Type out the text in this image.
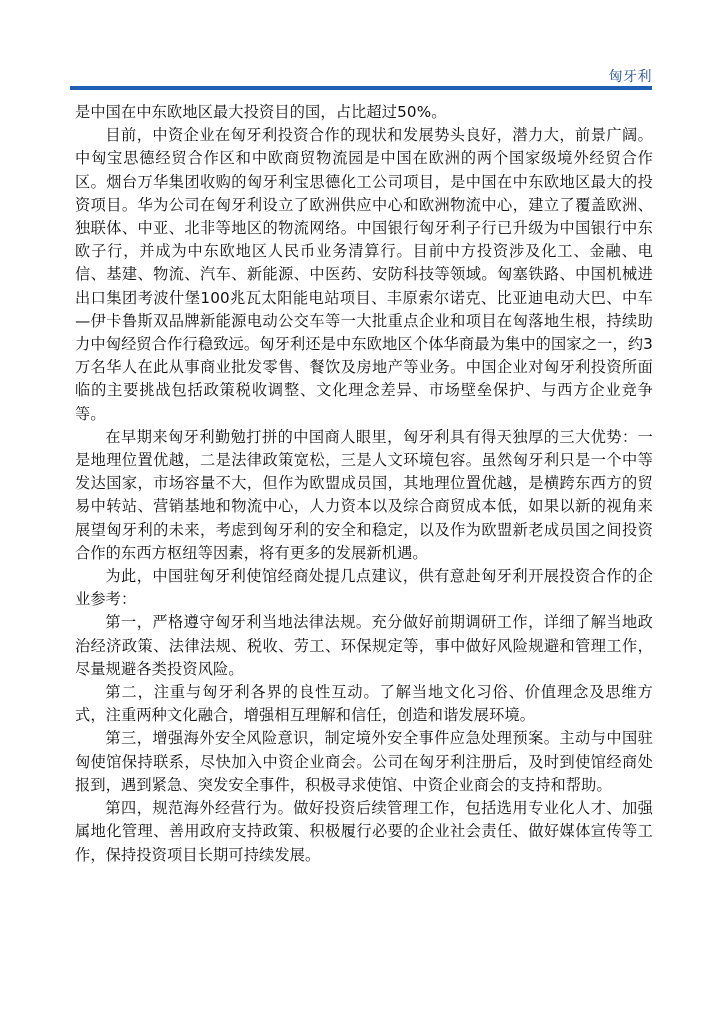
匈牙利

是中国在中东欧地区最大投资目的国，占比超过50%。

目前，中资企业在匈牙利投资合作的现状和发展势头良好，潜力大，前景广阔。中匈宝思德经贸合作区和中欧商贸物流园是中国在欧洲的两个国家级境外经贸合作区。烟台万华集团收购的匈牙利宝思德化工公司项目，是中国在中东欧地区最大的投资项目。华为公司在匈牙利设立了欧洲供应中心和欧洲物流中心，建立了覆盖欧洲、独联体、中亚、北非等地区的物流网络。中国银行匈牙利子行已升级为中国银行中东欧子行，并成为中东欧地区人民币业务清算行。目前中方投资涉及化工、金融、电信、基建、物流、汽车、新能源、中医药、安防科技等领域。匈塞铁路、中国机械进出口集团考波什堡100兆瓦太阳能电站项目、丰原索尔诺克、比亚迪电动大巴、中车—伊卡鲁斯双品牌新能源电动公交车等一大批重点企业和项目在匈落地生根，持续助力中匈经贸合作行稳致远。匈牙利还是中东欧地区个体华商最为集中的国家之一，约3万名华人在此从事商业批发零售、餐饮及房地产等业务。中国企业对匈牙利投资所面临的主要挑战包括政策税收调整、文化理念差异、市场壁垒保护、与西方企业竞争等。

在早期来匈牙利勤勉打拼的中国商人眼里，匈牙利具有得天独厚的三大优势：一是地理位置优越，二是法律政策宽松，三是人文环境包容。虽然匈牙利只是一个中等发达国家，市场容量不大，但作为欧盟成员国，其地理位置优越，是横跨东西方的贸易中转站、营销基地和物流中心，人力资本以及综合商贸成本低，如果以新的视角来展望匈牙利的未来，考虑到匈牙利的安全和稳定，以及作为欧盟新老成员国之间投资合作的东西方枢纽等因素，将有更多的发展新机遇。

为此，中国驻匈牙利使馆经商处提几点建议，供有意赴匈牙利开展投资合作的企业参考：

第一，严格遵守匈牙利当地法律法规。充分做好前期调研工作，详细了解当地政治经济政策、法律法规、税收、劳工、环保规定等，事中做好风险规避和管理工作，尽量规避各类投资风险。

第二，注重与匈牙利各界的良性互动。了解当地文化习俗、价值理念及思维方式，注重两种文化融合，增强相互理解和信任，创造和谐发展环境。

第三，增强海外安全风险意识，制定境外安全事件应急处理预案。主动与中国驻匈使馆保持联系，尽快加入中资企业商会。公司在匈牙利注册后，及时到使馆经商处报到，遇到紧急、突发安全事件，积极寻求使馆、中资企业商会的支持和帮助。

第四，规范海外经营行为。做好投资后续管理工作，包括选用专业化人才、加强属地化管理、善用政府支持政策、积极履行必要的企业社会责任、做好媒体宣传等工作，保持投资项目长期可持续发展。
